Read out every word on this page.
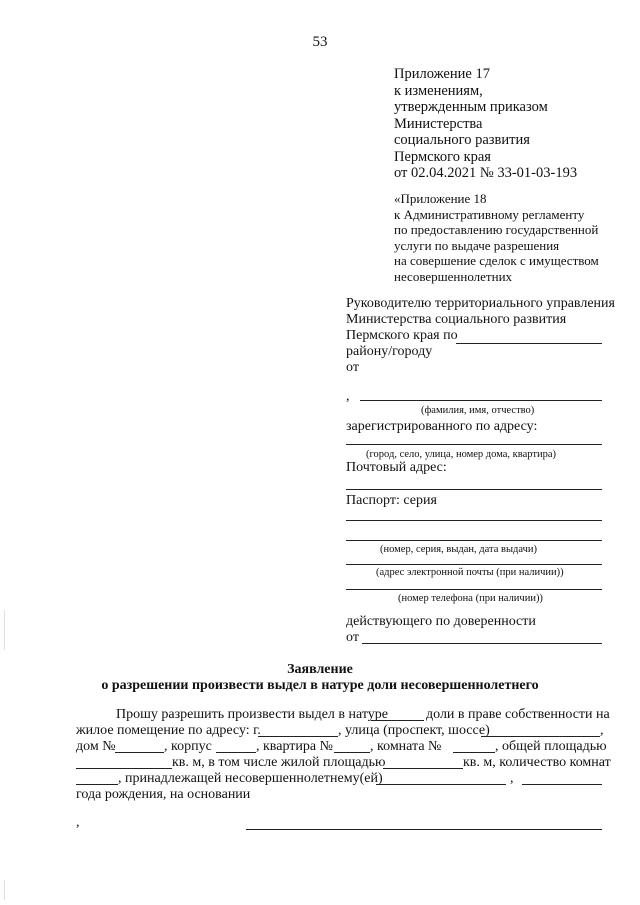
53
Приложение 17
к изменениям,
утвержденным приказом
Министерства
социального развития
Пермского края
от 02.04.2021 № 33-01-03-193
«Приложение 18
к Административному регламенту
по предоставлению государственной
услуги по выдаче разрешения
на совершение сделок с имуществом
несовершеннолетних
Руководителю территориального управления
Министерства социального развития
Пермского края по
району/городу
от
,
(фамилия, имя, отчество)
зарегистрированного по адресу:
(город, село, улица, номер дома, квартира)
Почтовый адрес:
Паспорт: серия
(номер, серия, выдан, дата выдачи)
(адрес электронной почты (при наличии))
(номер телефона (при наличии))
действующего по доверенности
от
Заявление
о разрешении произвести выдел в натуре доли несовершеннолетнего
Прошу разрешить произвести выдел в натуре	доли в праве собственности на
жилое помещение по адресу: г.	, улица (проспект, шоссе)	,
дом №	, корпус	, квартира №	, комната №	, общей площадью
кв. м, в том числе жилой площадью	кв. м, количество комнат
, принадлежащей несовершеннолетнему(ей)	,
года рождения, на основании
,
